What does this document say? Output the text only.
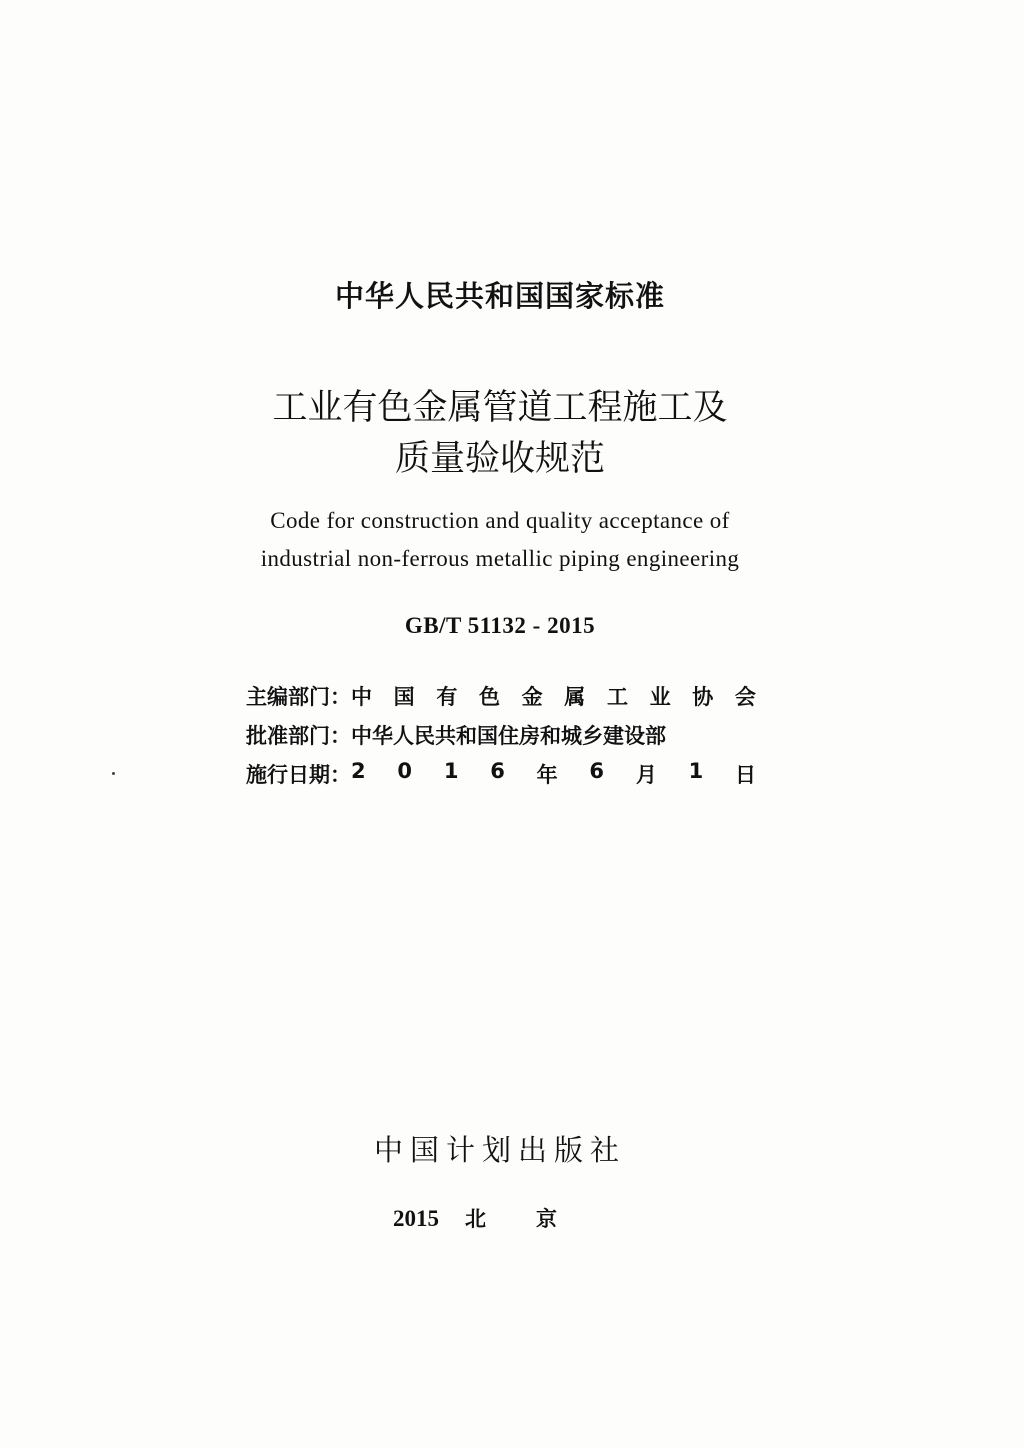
中华人民共和国国家标准
工业有色金属管道工程施工及
质量验收规范
Code for construction and quality acceptance of
industrial non-ferrous metallic piping engineering
GB/T 51132 - 2015
主编部门： 中 国 有 色 金 属 工 业 协 会
批准部门： 中华人民共和国住房和城乡建设部
施行日期： 2 0 1 6 年 6 月 1 日
中国计划出版社
2015 北京
